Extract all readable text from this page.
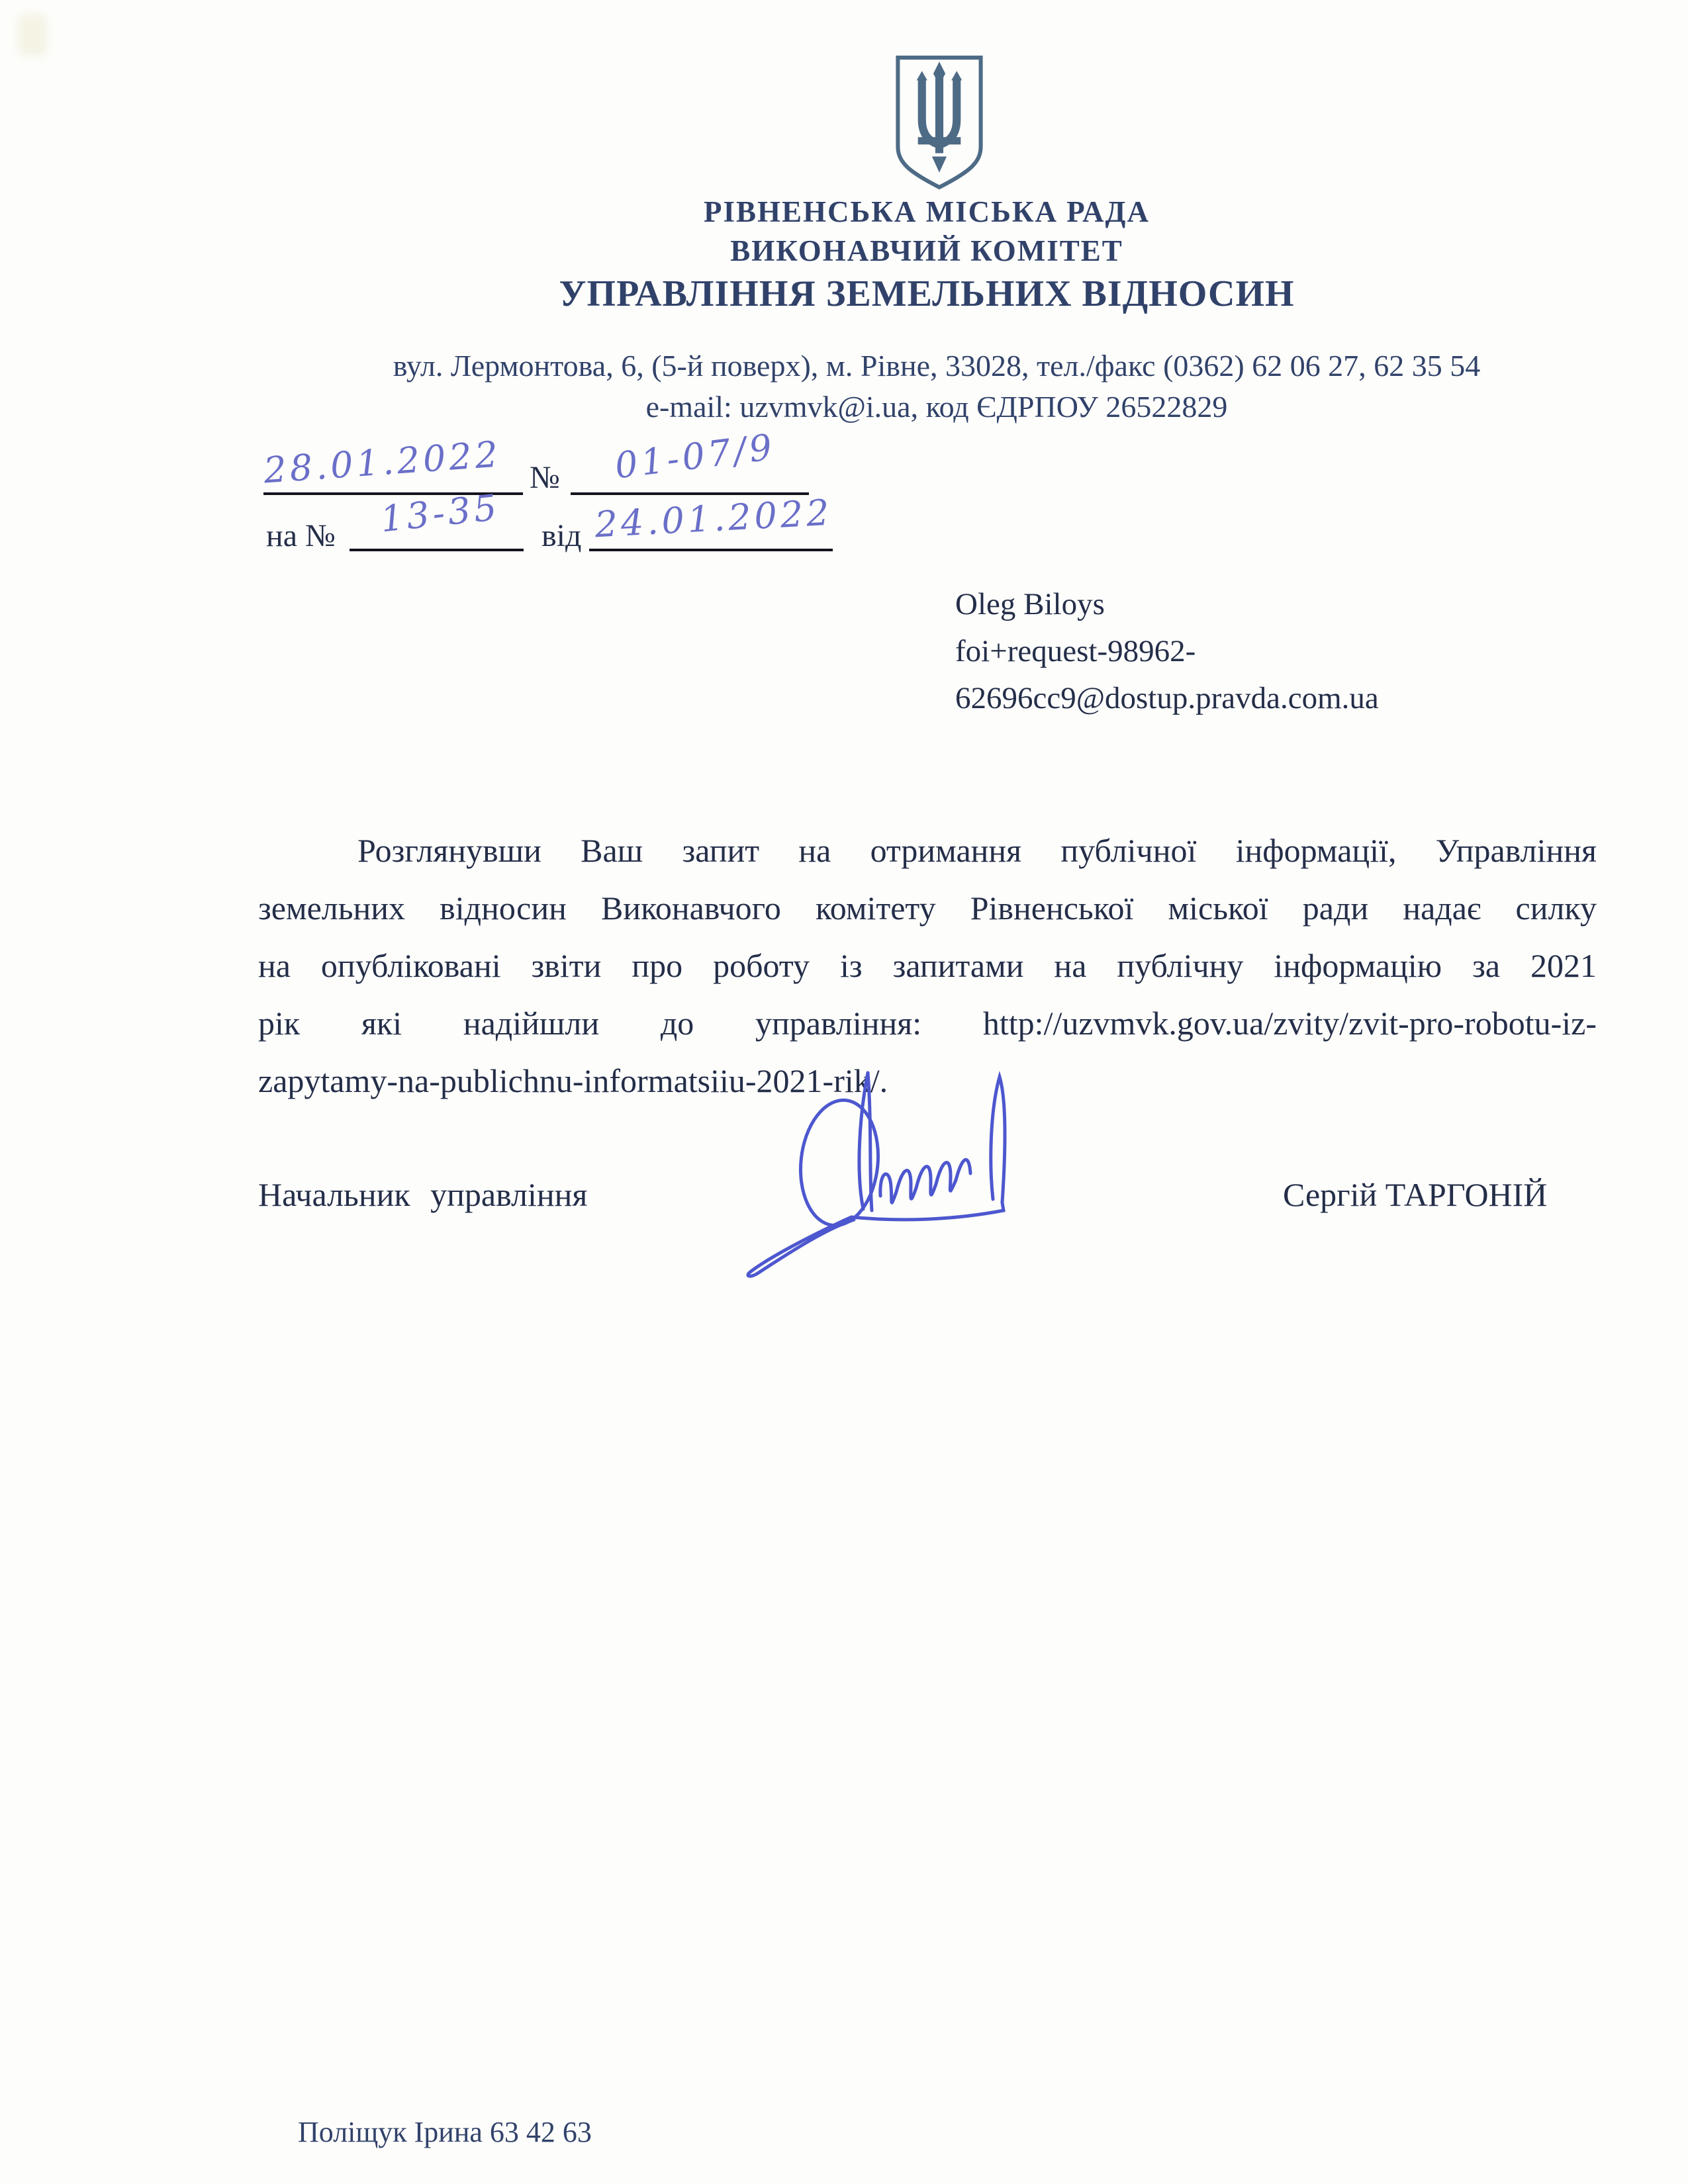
РІВНЕНСЬКА МІСЬКА РАДА
ВИКОНАВЧИЙ КОМІТЕТ
УПРАВЛІННЯ ЗЕМЕЛЬНИХ ВІДНОСИН
вул. Лермонтова, 6, (5-й поверх), м. Рівне, 33028, тел./факс (0362) 62 06 27, 62 35 54
e-mail: uzvmvk@i.ua, код ЄДРПОУ 26522829
28.01.2022 №	01-07/9
на №	13-35	від 24.01.2022
Oleg Biloys
foi+request-98962-
62696cc9@dostup.pravda.com.ua
Розглянувши Ваш запит на отримання публічної інформації, Управління
земельних відносин Виконавчого комітету Рівненської міської ради надає силку
на опубліковані звіти про роботу із запитами на публічну інформацію за 2021
рік які надійшли до управління: http://uzvmvk.gov.ua/zvity/zvit-pro-robotu-iz-
zapytamy-na-publichnu-informatsiiu-2021-rik/.
Начальник управління	Сергій ТАРГОНІЙ
Поліщук Ірина 63 42 63
